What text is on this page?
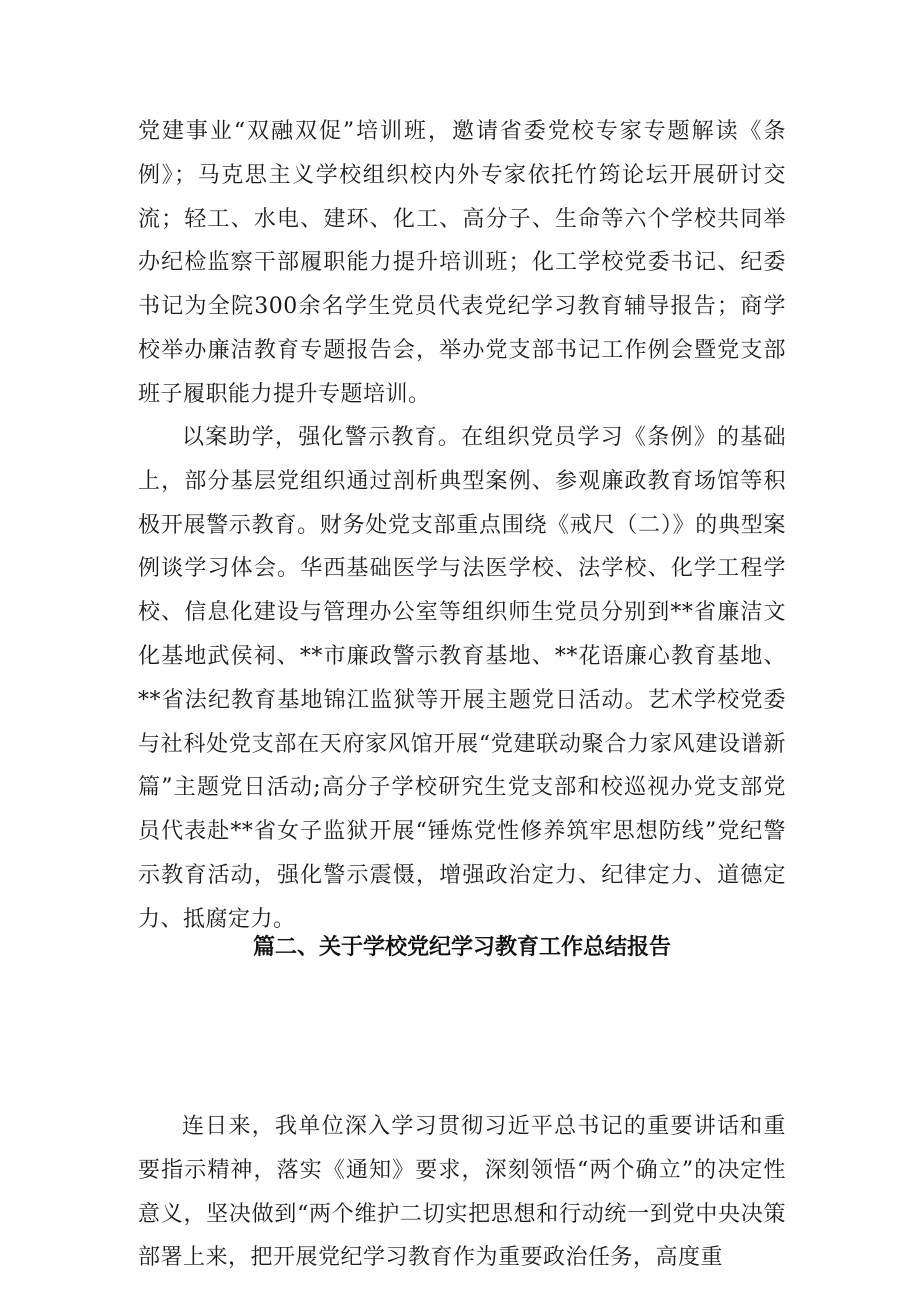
党建事业“双融双促”培训班，邀请省委党校专家专题解读《条例》；马克思主义学校组织校内外专家依托竹筠论坛开展研讨交流；轻工、水电、建环、化工、高分子、生命等六个学校共同举办纪检监察干部履职能力提升培训班；化工学校党委书记、纪委书记为全院300余名学生党员代表党纪学习教育辅导报告；商学校举办廉洁教育专题报告会，举办党支部书记工作例会暨党支部班子履职能力提升专题培训。

以案助学，强化警示教育。在组织党员学习《条例》的基础上，部分基层党组织通过剖析典型案例、参观廉政教育场馆等积极开展警示教育。财务处党支部重点围绕《戒尺（二）》的典型案例谈学习体会。华西基础医学与法医学校、法学校、化学工程学校、信息化建设与管理办公室等组织师生党员分别到**省廉洁文化基地武侯祠、**市廉政警示教育基地、**花语廉心教育基地、**省法纪教育基地锦江监狱等开展主题党日活动。艺术学校党委与社科处党支部在天府家风馆开展“党建联动聚合力家风建设谱新篇”主题党日活动;高分子学校研究生党支部和校巡视办党支部党员代表赴**省女子监狱开展“锤炼党性修养筑牢思想防线”党纪警示教育活动，强化警示震慑，增强政治定力、纪律定力、道德定力、抵腐定力。

篇二、关于学校党纪学习教育工作总结报告

连日来，我单位深入学习贯彻习近平总书记的重要讲话和重要指示精神，落实《通知》要求，深刻领悟“两个确立”的决定性意义，坚决做到“两个维护二切实把思想和行动统一到党中央决策部署上来，把开展党纪学习教育作为重要政治任务，高度重
